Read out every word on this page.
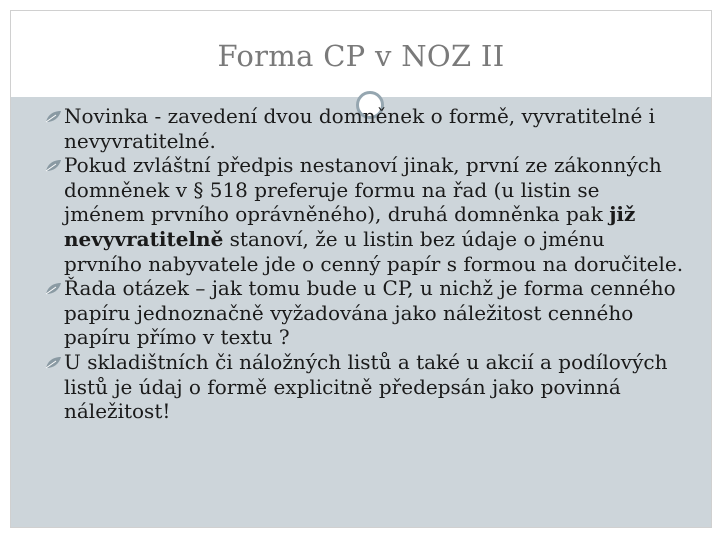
Forma CP v NOZ II
Novinka - zavedení dvou domněnek o formě, vyvratitelné i nevyvratitelné.
Pokud zvláštní předpis nestanoví jinak, první ze zákonných domněnek v § 518 preferuje formu na řad (u listin se jménem prvního oprávněného), druhá domněnka pak již nevyvratitelně stanoví, že u listin bez údaje o jménu prvního nabyvatele jde o cenný papír s formou na doručitele.
Řada otázek – jak tomu bude u CP, u nichž je forma cenného papíru jednoznačně vyžadována jako náležitost cenného papíru přímo v textu ?
U skladištních či náložných listů a také u akcií a podílových listů je údaj o formě explicitně předepsán jako povinná náležitost!
